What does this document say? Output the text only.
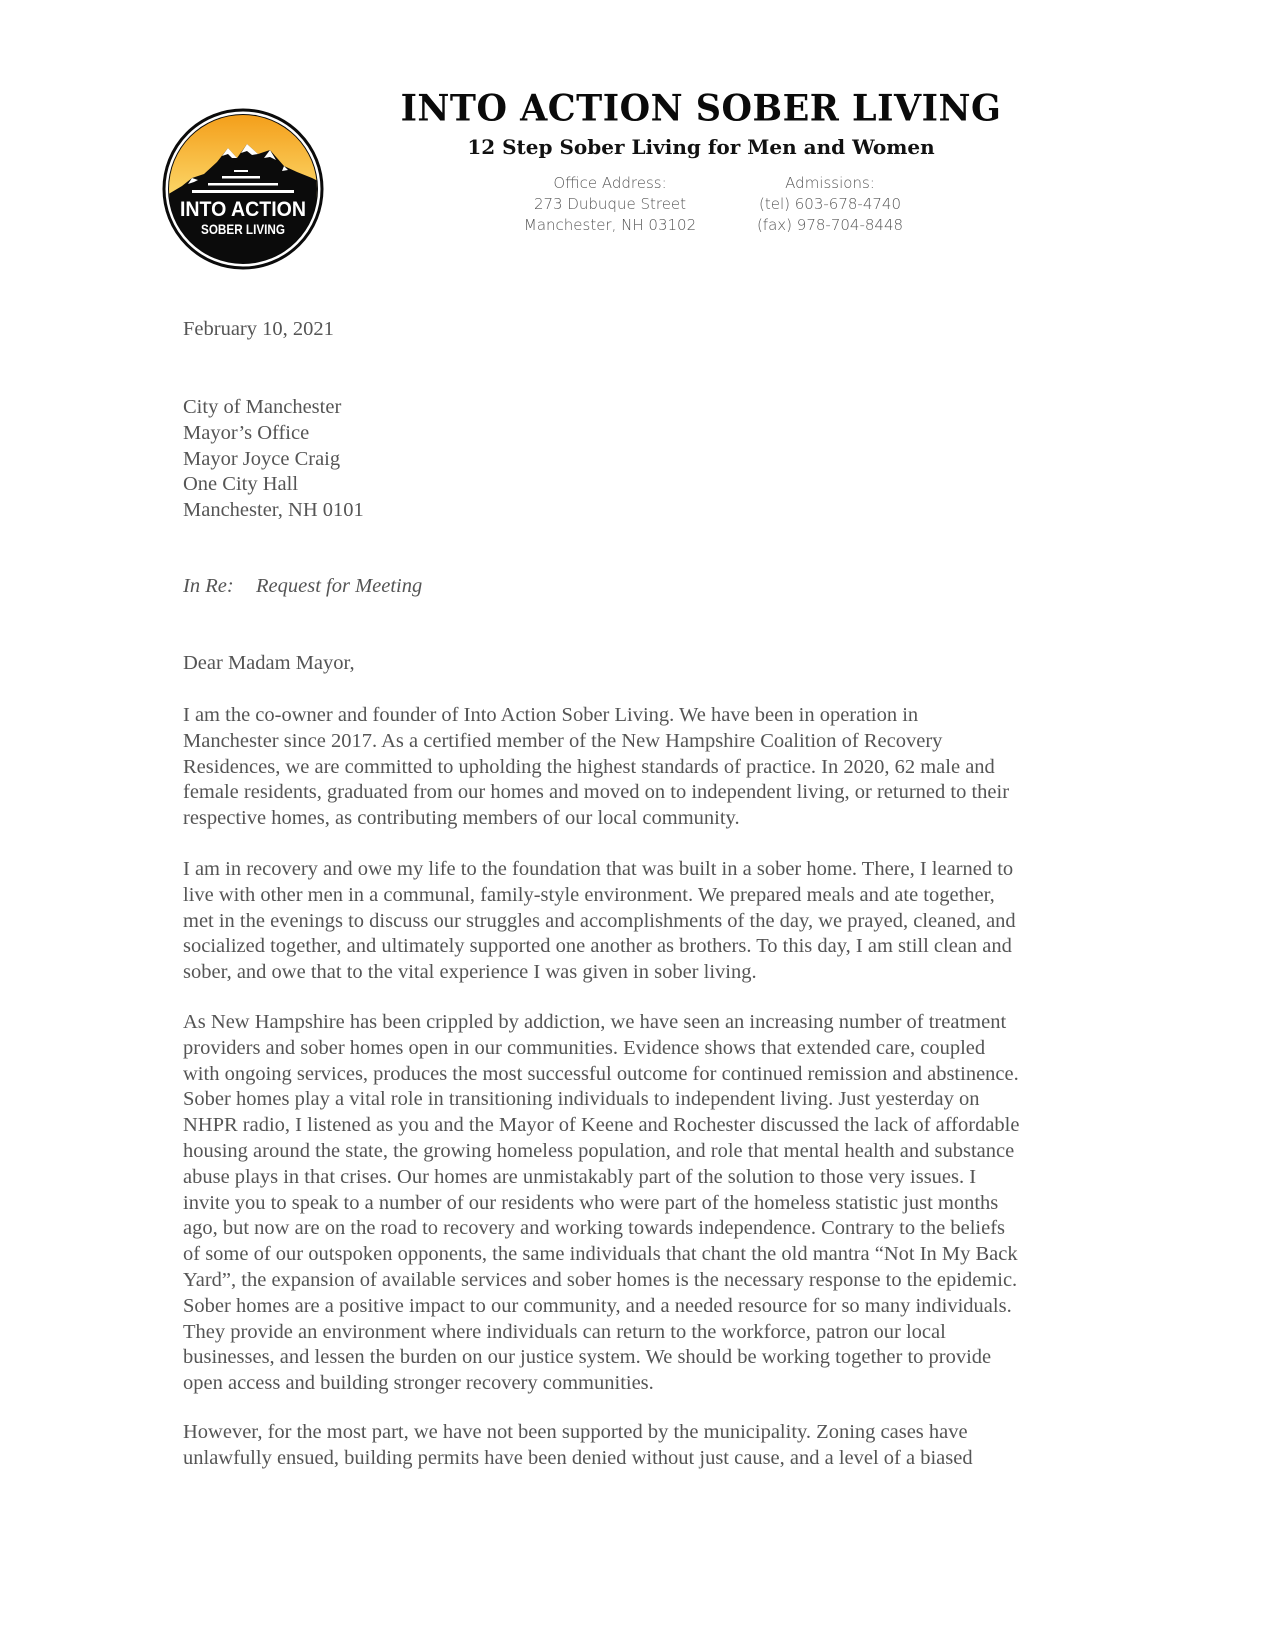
INTO ACTION
SOBER LIVING
INTO ACTION SOBER LIVING
12 Step Sober Living for Men and Women
Office Address:
273 Dubuque Street
Manchester, NH 03102
Admissions:
(tel) 603-678-4740
(fax) 978-704-8448
February 10, 2021
City of Manchester
Mayor’s Office
Mayor Joyce Craig
One City Hall
Manchester, NH 0101
In Re: Request for Meeting
Dear Madam Mayor,
I am the co-owner and founder of Into Action Sober Living. We have been in operation in
Manchester since 2017. As a certified member of the New Hampshire Coalition of Recovery
Residences, we are committed to upholding the highest standards of practice. In 2020, 62 male and
female residents, graduated from our homes and moved on to independent living, or returned to their
respective homes, as contributing members of our local community.
I am in recovery and owe my life to the foundation that was built in a sober home. There, I learned to
live with other men in a communal, family-style environment. We prepared meals and ate together,
met in the evenings to discuss our struggles and accomplishments of the day, we prayed, cleaned, and
socialized together, and ultimately supported one another as brothers. To this day, I am still clean and
sober, and owe that to the vital experience I was given in sober living.
As New Hampshire has been crippled by addiction, we have seen an increasing number of treatment
providers and sober homes open in our communities. Evidence shows that extended care, coupled
with ongoing services, produces the most successful outcome for continued remission and abstinence.
Sober homes play a vital role in transitioning individuals to independent living. Just yesterday on
NHPR radio, I listened as you and the Mayor of Keene and Rochester discussed the lack of affordable
housing around the state, the growing homeless population, and role that mental health and substance
abuse plays in that crises. Our homes are unmistakably part of the solution to those very issues. I
invite you to speak to a number of our residents who were part of the homeless statistic just months
ago, but now are on the road to recovery and working towards independence. Contrary to the beliefs
of some of our outspoken opponents, the same individuals that chant the old mantra “Not In My Back
Yard”, the expansion of available services and sober homes is the necessary response to the epidemic.
Sober homes are a positive impact to our community, and a needed resource for so many individuals.
They provide an environment where individuals can return to the workforce, patron our local
businesses, and lessen the burden on our justice system. We should be working together to provide
open access and building stronger recovery communities.
However, for the most part, we have not been supported by the municipality. Zoning cases have
unlawfully ensued, building permits have been denied without just cause, and a level of a biased
